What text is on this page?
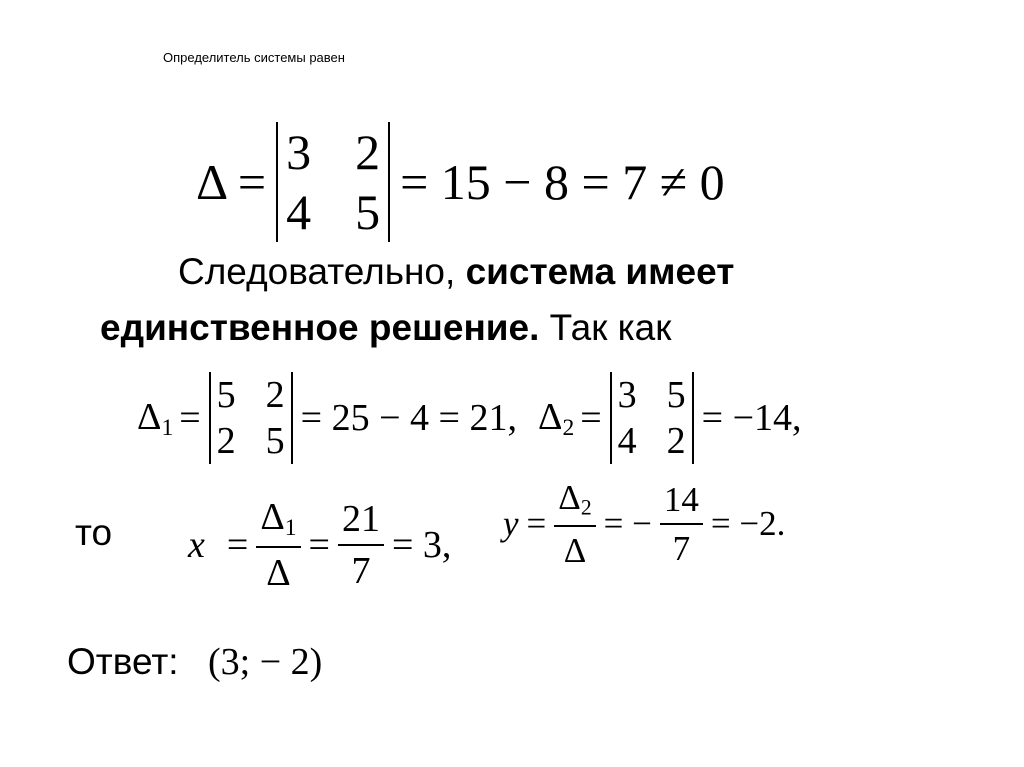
Определитель системы равен
Δ =
3 2
4 5
= 15 − 8 = 7 ≠ 0
Следовательно, система имеет
единственное решение. Так как
$\Delta_1$ =
5 2
2 5
= 25 − 4 = 21, $\Delta_2$ =
3 5
4 2
= −14,
то $x = \frac{\Delta_1}{\Delta} = \frac{21}{7} = 3$,
$y = \frac{\Delta_2}{\Delta}$ = − $\frac{14}{7} = -2$.
Ответ: (3; − 2)
